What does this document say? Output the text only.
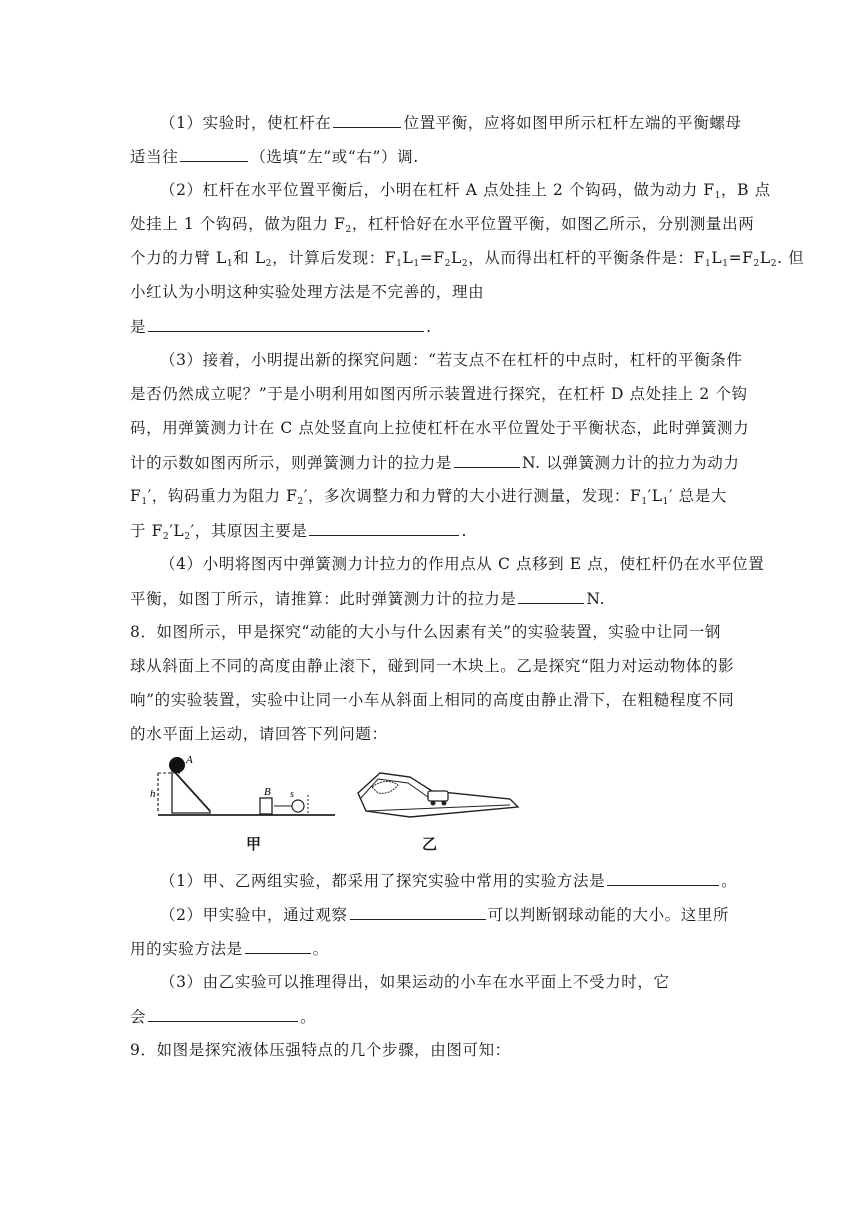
（1）实验时，使杠杆在	位置平衡，应将如图甲所示杠杆左端的平衡螺母
适当往	（选填“左”或“右”）调.
（2）杠杆在水平位置平衡后，小明在杠杆 A 点处挂上 2 个钩码，做为动力 $F_1$，B 点
处挂上 1 个钩码，做为阻力 $F_2$，杠杆恰好在水平位置平衡，如图乙所示，分别测量出两
个力的力臂 $L_1$和 $L_2$，计算后发现：$F_1L_1=F_2L_2$，从而得出杠杆的平衡条件是：$F_1L_1=F_2L_2$. 但
小红认为小明这种实验处理方法是不完善的，理由
是	.
（3）接着，小明提出新的探究问题：“若支点不在杠杆的中点时，杠杆的平衡条件
是否仍然成立呢？”于是小明利用如图丙所示装置进行探究，在杠杆 D 点处挂上 2 个钩
码，用弹簧测力计在 C 点处竖直向上拉使杠杆在水平位置处于平衡状态，此时弹簧测力
计的示数如图丙所示，则弹簧测力计的拉力是	N. 以弹簧测力计的拉力为动力
$F_1'$，钩码重力为阻力 $F_2'$，多次调整力和力臂的大小进行测量，发现：$F_1'L_1'$ 总是大
于 $F_2'L_2'$，其原因主要是	.
（4）小明将图丙中弹簧测力计拉力的作用点从 C 点移到 E 点，使杠杆仍在水平位置
平衡，如图丁所示，请推算：此时弹簧测力计的拉力是	N.
8．如图所示，甲是探究“动能的大小与什么因素有关”的实验装置，实验中让同一钢
球从斜面上不同的高度由静止滚下，碰到同一木块上。乙是探究“阻力对运动物体的影
响”的实验装置，实验中让同一小车从斜面上相同的高度由静止滑下，在粗糙程度不同
的水平面上运动，请回答下列问题：
A
h	B s
甲	乙
（1）甲、乙两组实验，都采用了探究实验中常用的实验方法是	。
（2）甲实验中，通过观察	可以判断钢球动能的大小。这里所
用的实验方法是	。
（3）由乙实验可以推理得出，如果运动的小车在水平面上不受力时，它
会	。
9．如图是探究液体压强特点的几个步骤，由图可知：
